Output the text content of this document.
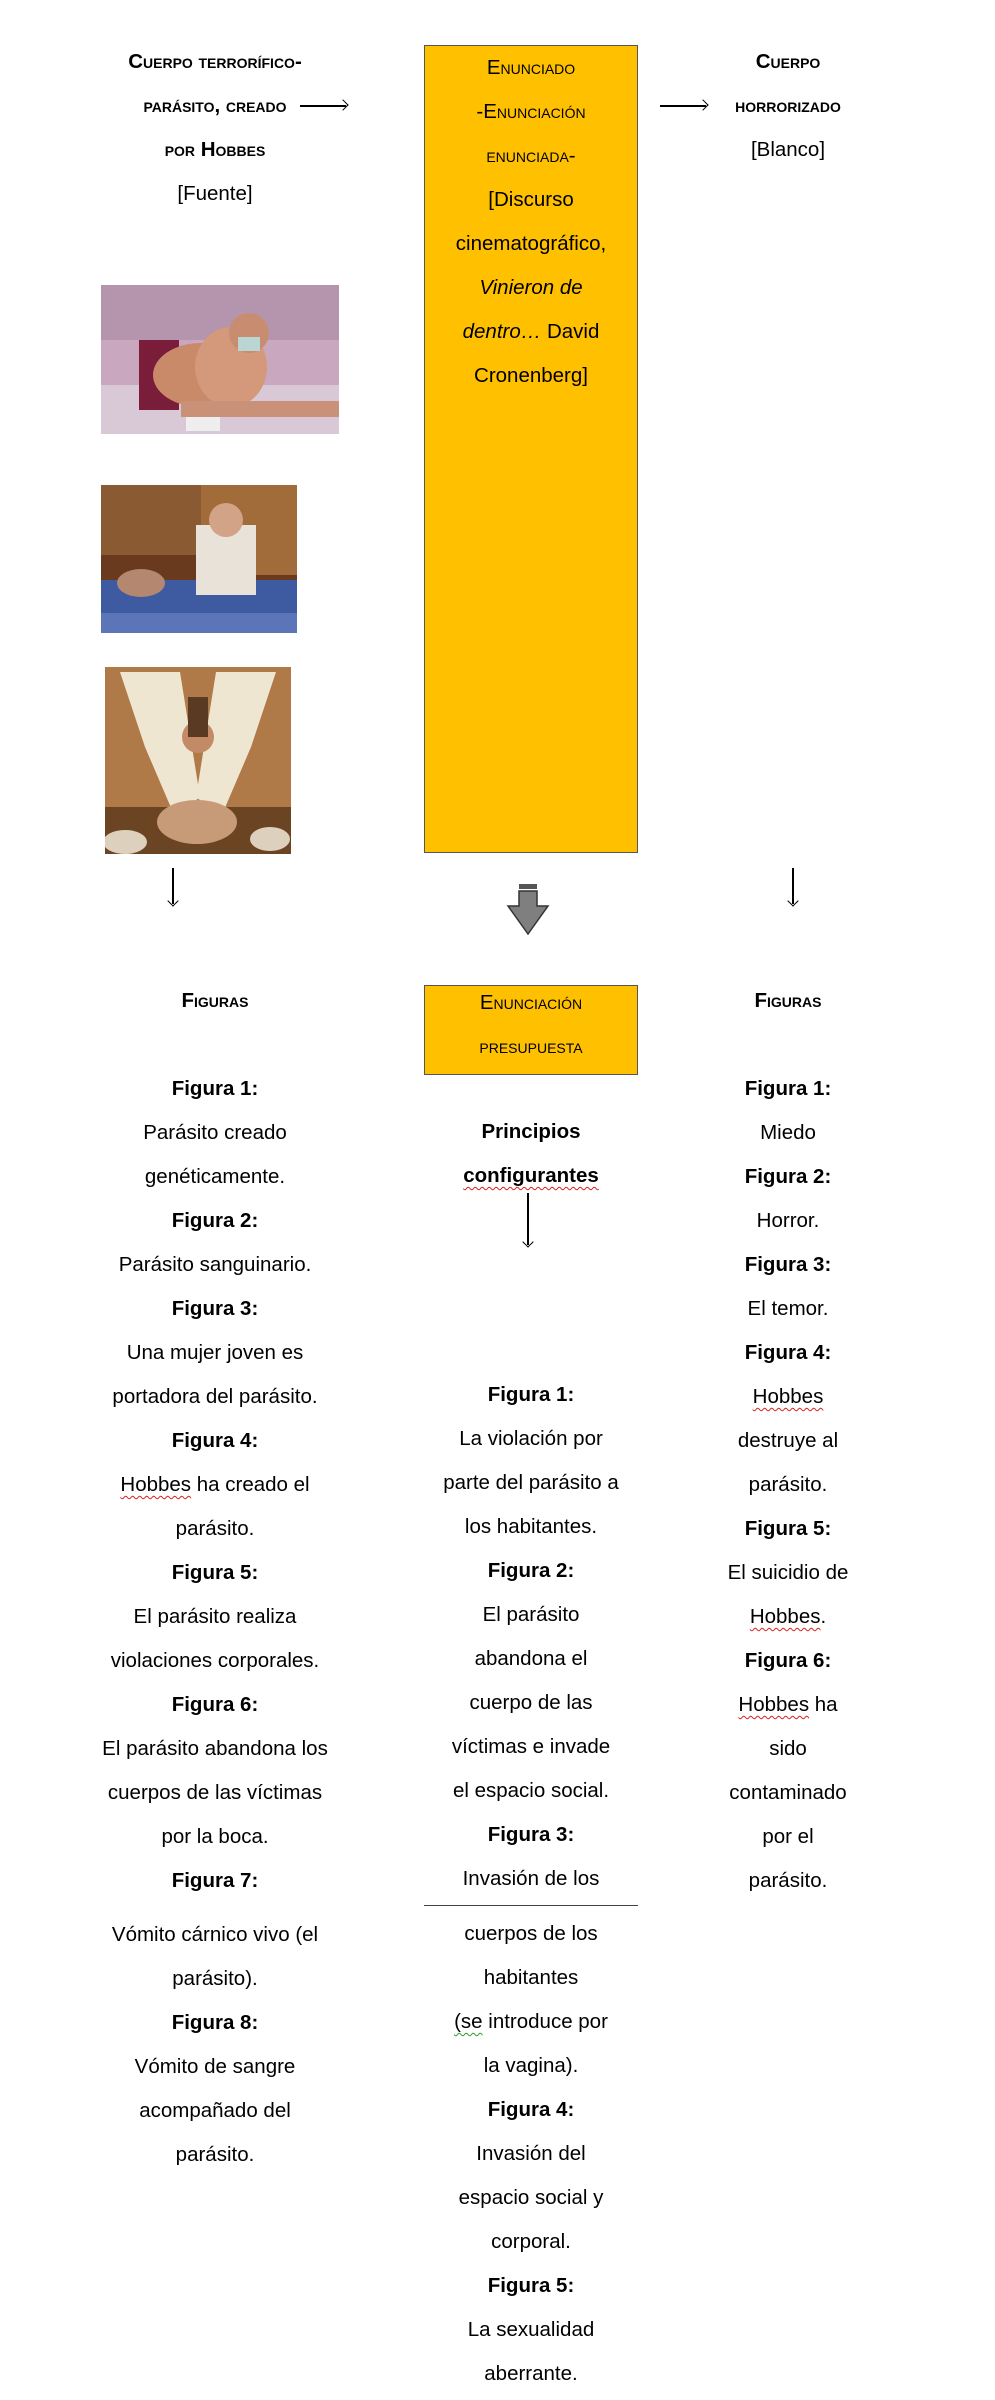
Cuerpo terrorífico-
parásito, creado
por Hobbes
[Fuente]
Enunciado
-Enunciación
enunciada-
[Discurso
cinematográfico,
Vinieron de
dentro… David
Cronenberg]
Cuerpo
horrorizado
[Blanco]
Figuras	Enunciación
presupuesta
Figuras
Figura 1:
Parásito creado
genéticamente.
Figura 2:
Parásito sanguinario.
Figura 3:
Una mujer joven es
portadora del parásito.
Figura 4:
Hobbes ha creado el
parásito.
Figura 5:
El parásito realiza
violaciones corporales.
Figura 6:
El parásito abandona los
cuerpos de las víctimas
por la boca.
Figura 7:
Vómito cárnico vivo (el
parásito).
Figura 8:
Vómito de sangre
acompañado del
parásito.
Principios
configurantes
Figura 1:
La violación por
parte del parásito a
los habitantes.
Figura 2:
El parásito
abandona el
cuerpo de las
víctimas e invade
el espacio social.
Figura 3:
Invasión de los
cuerpos de los
habitantes
(se introduce por
la vagina).
Figura 4:
Invasión del
espacio social y
corporal.
Figura 5:
La sexualidad
aberrante.
Figura 1:
Miedo
Figura 2:
Horror.
Figura 3:
El temor.
Figura 4:
Hobbes
destruye al
parásito.
Figura 5:
El suicidio de
Hobbes.
Figura 6:
Hobbes ha
sido
contaminado
por el
parásito.
